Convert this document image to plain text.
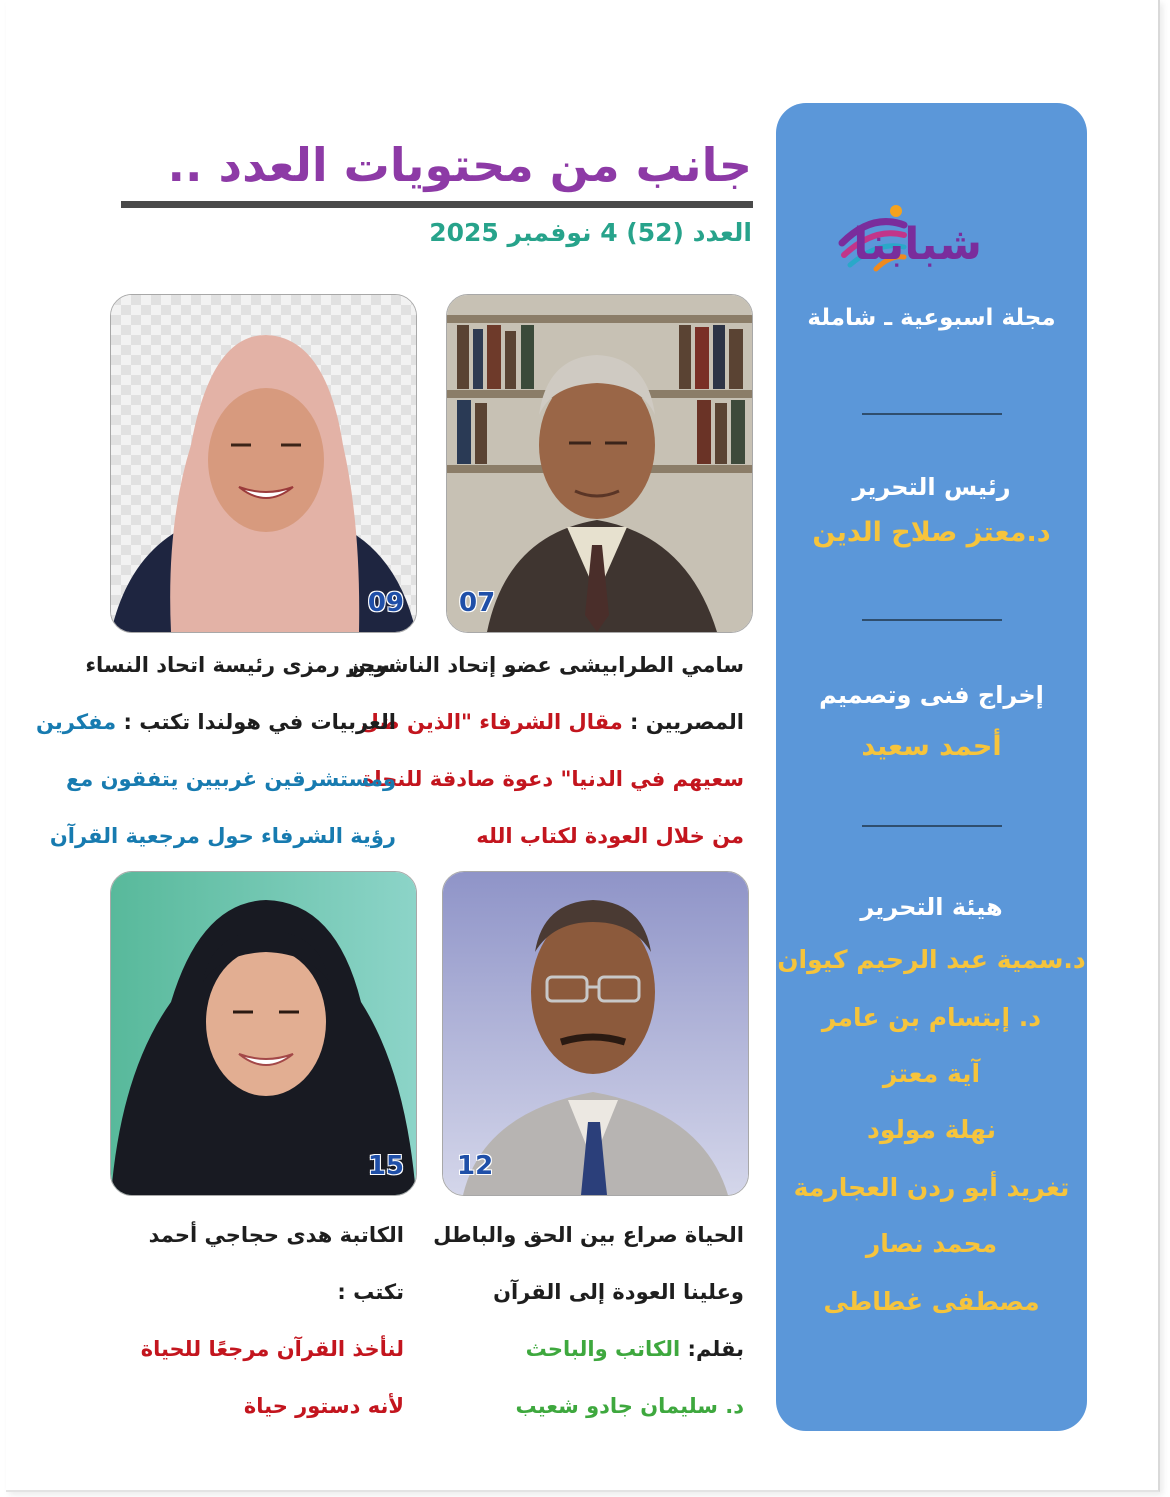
جانب من محتويات العدد ..
العدد (52) 4 نوفمبر 2025 شبابنا
مجلة اسبوعية ـ شاملة
رئيس التحرير
د.معتز صلاح الدين
إخراج فنى وتصميم
أحمد سعيد
هيئة التحرير
د.سمية عبد الرحيم كيوان
د. إبتسام بن عامر
آية معتز
نهلة مولود
تغريد أبو ردن العجارمة
محمد نصار
مصطفى غطاطى
07
09
12
15

سامي الطرابيشى عضو إتحاد الناشرين

المصريين : مقال الشرفاء "الذين ضل

سعيهم في الدنيا" دعوة صادقة للنجاة

من خلال العودة لكتاب الله

سحر رمزى رئيسة اتحاد النساء

العربيات في هولندا تكتب : مفكرين

ومستشرقين غربيين يتفقون مع

رؤية الشرفاء حول مرجعية القرآن

الحياة صراع بين الحق والباطل

وعلينا العودة إلى القرآن

بقلم: الكاتب والباحث

د. سليمان جادو شعيب

الكاتبة هدى حجاجي أحمد

تكتب :

لنأخذ القرآن مرجعًا للحياة

لأنه دستور حياة
